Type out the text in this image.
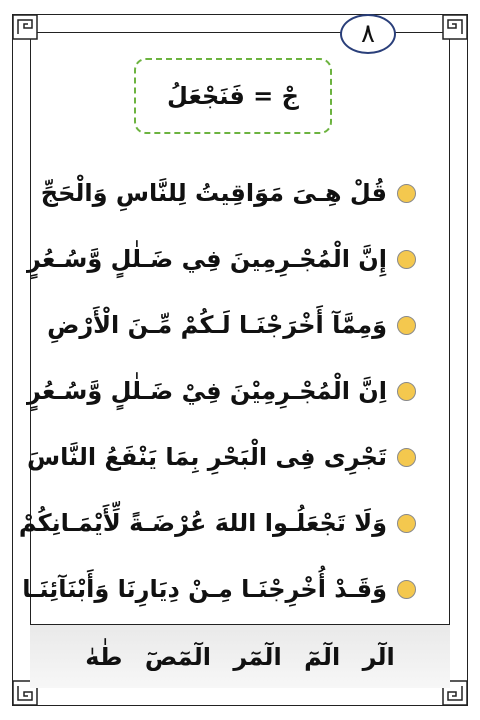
٨
جْ = فَنَجْعَلُ
قُلْ هِـىَ مَوَاقِيتُ لِلنَّاسِ وَالْحَجِّ
إِنَّ الْمُجْـرِمِينَ فِي ضَـلٰلٍ وَّسُـعُرٍ
وَمِمَّآ أَخْرَجْنَـا لَـكُمْ مِّـنَ الْأَرْضِ
اِنَّ الْمُجْـرِمِيْنَ فِيْ ضَـلٰلٍ وَّسُـعُرٍ
تَجْرِى فِى الْبَحْرِ بِمَا يَنْفَعُ النَّاسَ
وَلَا تَجْعَلُـوا اللهَ عُرْضَـةً لِّأَيْمَـانِكُمْ
وَقَـدْ أُخْرِجْنَـا مِـنْ دِيَارِنَا وَأَبْنَآئِنَـا
الٓر
الٓمٓ
الٓمٓر
الٓمٓصٓ
طٰهٰ
